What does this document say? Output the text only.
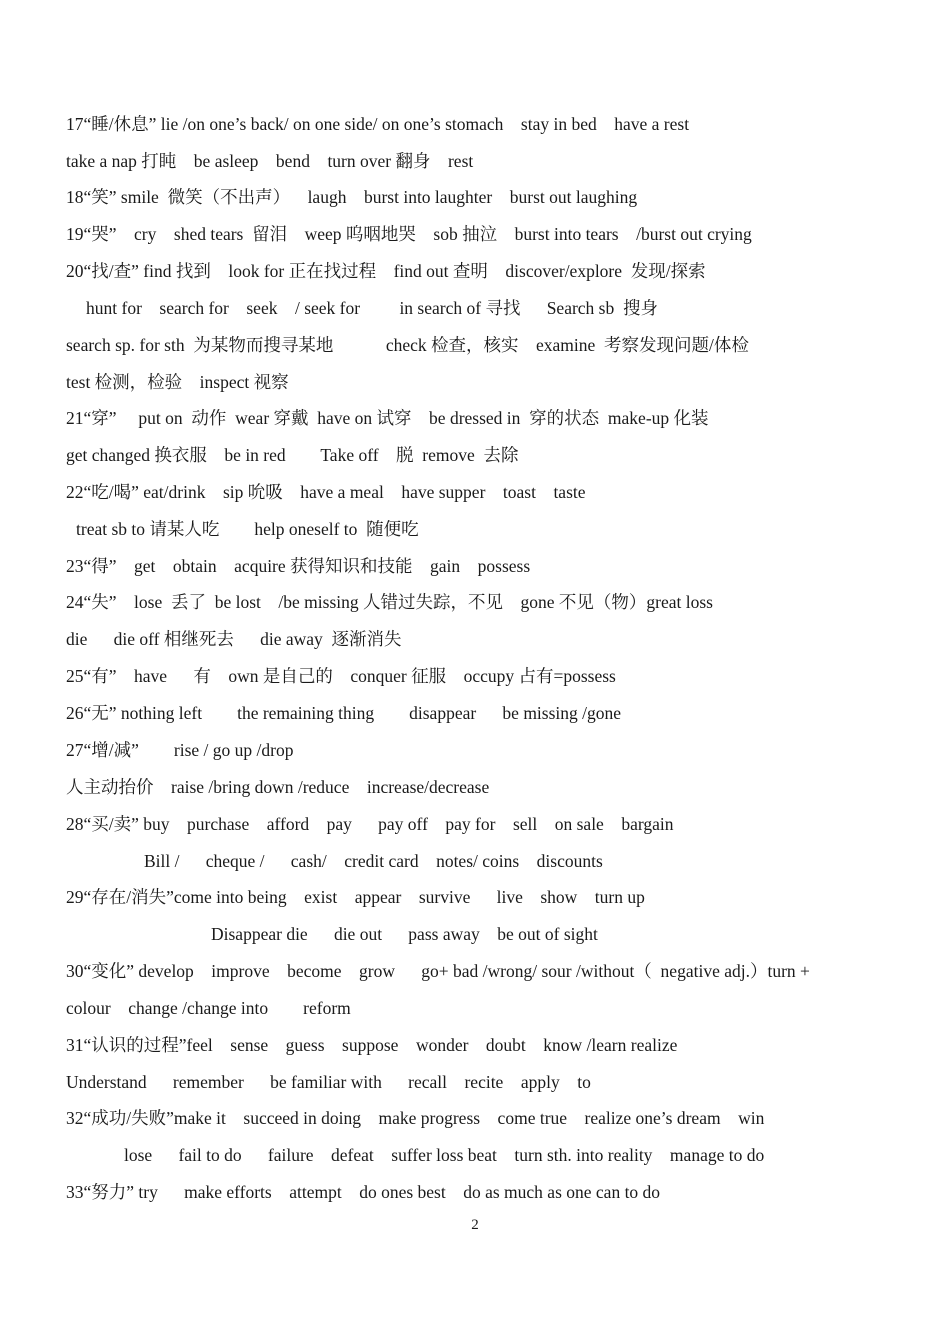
17“睡/休息” lie /on one’s back/ on one side/ on one’s stomach    stay in bed    have a rest
take a nap 打盹    be asleep    bend    turn over 翻身    rest
18“笑” smile  微笑（不出声）    laugh    burst into laughter    burst out laughing
19“哭”    cry    shed tears  留泪    weep 呜咽地哭    sob 抽泣    burst into tears    /burst out crying
20“找/查” find 找到    look for 正在找过程    find out 查明    discover/explore  发现/探索
hunt for    search for    seek    / seek for         in search of 寻找      Search sb  搜身
search sp. for sth  为某物而搜寻某地            check 检查，核实    examine  考察发现问题/体检
test 检测，检验    inspect 视察
21“穿”     put on  动作  wear 穿戴  have on 试穿    be dressed in  穿的状态  make-up 化装
get changed 换衣服    be in red        Take off    脱  remove  去除
22“吃/喝” eat/drink    sip 吮吸    have a meal    have supper    toast    taste
treat sb to 请某人吃        help oneself to  随便吃
23“得”    get    obtain    acquire 获得知识和技能    gain    possess
24“失”    lose  丢了  be lost    /be missing 人错过失踪，不见    gone 不见（物）great loss
die      die off 相继死去      die away  逐渐消失
25“有”    have      有    own 是自己的    conquer 征服    occupy 占有=possess
26“无” nothing left        the remaining thing        disappear      be missing /gone
27“增/减”        rise / go up /drop
人主动抬价    raise /bring down /reduce    increase/decrease
28“买/卖” buy    purchase    afford    pay      pay off    pay for    sell    on sale    bargain
Bill /      cheque /      cash/    credit card    notes/ coins    discounts
29“存在/消失”come into being    exist    appear    survive      live    show    turn up
Disappear die      die out      pass away    be out of sight
30“变化” develop    improve    become    grow      go+ bad /wrong/ sour /without（  negative adj.）turn +
colour    change /change into        reform
31“认识的过程”feel    sense    guess    suppose    wonder    doubt    know /learn realize
Understand      remember      be familiar with      recall    recite    apply    to
32“成功/失败”make it    succeed in doing    make progress    come true    realize one’s dream    win
lose      fail to do      failure    defeat    suffer loss beat    turn sth. into reality    manage to do
33“努力” try      make efforts    attempt    do ones best    do as much as one can to do
2
